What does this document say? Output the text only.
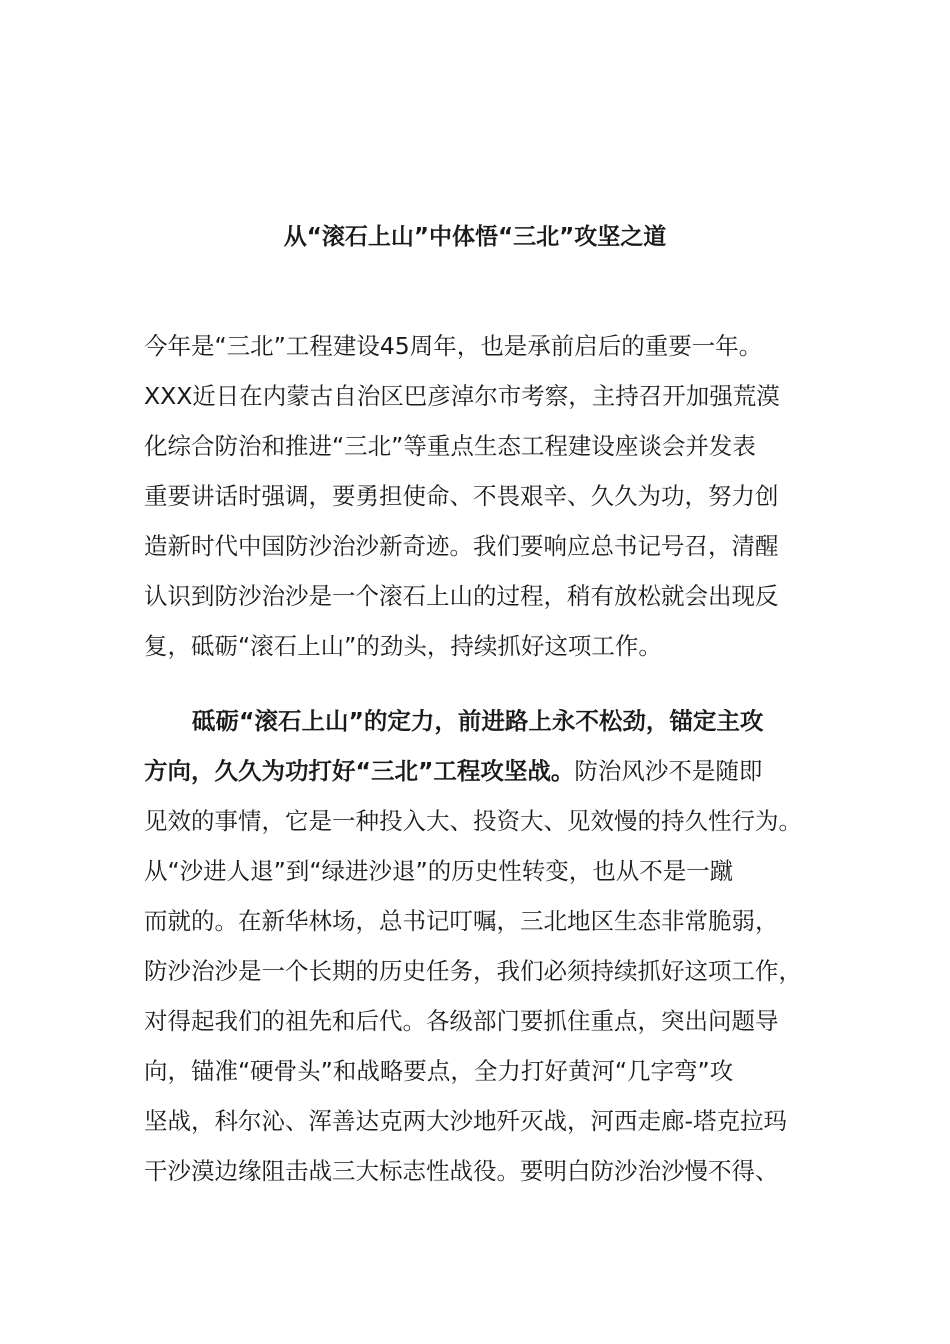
从“滚石上山”中体悟“三北”攻坚之道
今年是“三北”工程建设45周年，也是承前启后的重要一年。
XXX近日在内蒙古自治区巴彦淖尔市考察，主持召开加强荒漠
化综合防治和推进“三北”等重点生态工程建设座谈会并发表
重要讲话时强调，要勇担使命、不畏艰辛、久久为功，努力创
造新时代中国防沙治沙新奇迹。我们要响应总书记号召，清醒
认识到防沙治沙是一个滚石上山的过程，稍有放松就会出现反
复，砥砺“滚石上山”的劲头，持续抓好这项工作。
砥砺“滚石上山”的定力，前进路上永不松劲，锚定主攻
方向，久久为功打好“三北”工程攻坚战。防治风沙不是随即
见效的事情，它是一种投入大、投资大、见效慢的持久性行为。
从“沙进人退”到“绿进沙退”的历史性转变，也从不是一蹴
而就的。在新华林场，总书记叮嘱，三北地区生态非常脆弱，
防沙治沙是一个长期的历史任务，我们必须持续抓好这项工作，
对得起我们的祖先和后代。各级部门要抓住重点，突出问题导
向，锚准“硬骨头”和战略要点，全力打好黄河“几字弯”攻
坚战，科尔沁、浑善达克两大沙地歼灭战，河西走廊-塔克拉玛
干沙漠边缘阻击战三大标志性战役。要明白防沙治沙慢不得、
